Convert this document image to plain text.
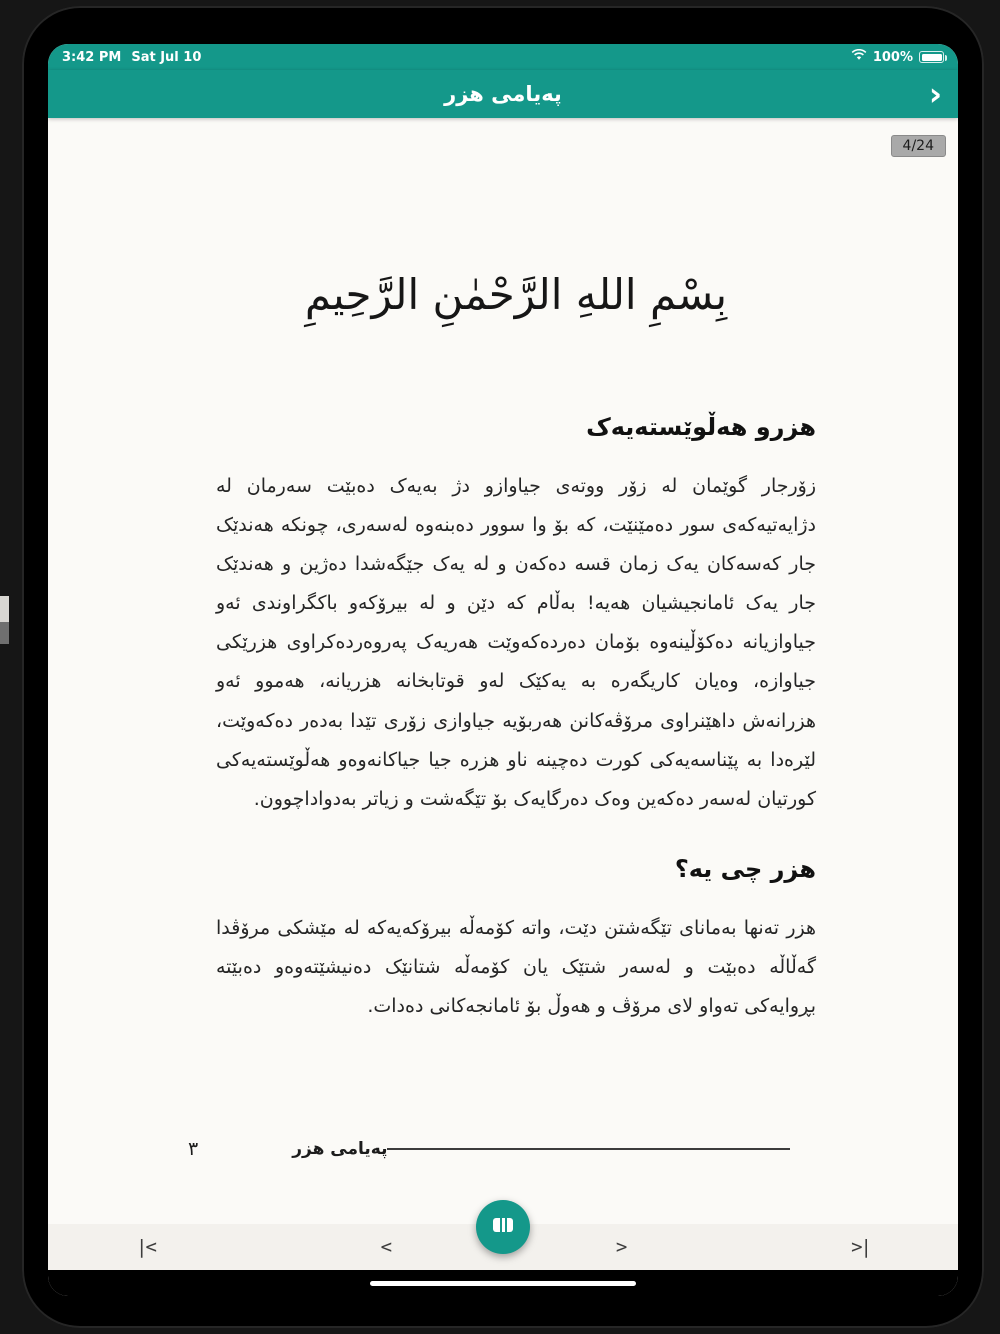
3:42 PM Sat Jul 10	100%
پەیامی هزر	›
4/24
بِسْمِ اللهِ الرَّحْمٰنِ الرَّحِيمِ
هزرو هەڵوێستەیەک

زۆرجار گوێمان لە زۆر ووتەی جیاوازو دژ بەیەک دەبێت سەرمان لە دژایەتیەکەی سور دەمێنێت، کە بۆ وا سوور دەبنەوە لەسەری، چونکە هەندێک جار کەسەکان یەک زمان قسە دەکەن و لە یەک جێگەشدا دەژین و هەندێک جار یەک ئامانجیشیان هەیە! بەڵام کە دێن و لە بیرۆکەو باکگراوندی ئەو جیاوازیانە دەکۆڵینەوە بۆمان دەردەکەوێت هەریەک پەروەردەکراوی هزرێکی جیاوازە، وەیان کاریگەرە بە یەکێک لەو قوتابخانە هزریانە، هەموو ئەو هزرانەش داهێنراوی مرۆڤەکانن هەربۆیە جیاوازی زۆری تێدا بەدەر دەکەوێت، لێرەدا بە پێناسەیەکی کورت دەچینە ناو هزرە جیا جیاکانەوەو هەڵوێستەیەکی کورتیان لەسەر دەکەین وەک دەرگایەک بۆ تێگەشت و زیاتر بەدواداچوون.

هزر چی یە؟

هزر تەنها بەمانای تێگەشتن دێت، واتە کۆمەڵە بیرۆکەیەکە لە مێشکی مرۆڤدا گەڵاڵە دەبێت و لەسەر شتێک یان کۆمەڵە شتانێک دەنیشێتەوەو دەبێتە بڕوایەکی تەواو لای مرۆڤ و هەوڵ بۆ ئامانجەکانی دەدات.

پەیامی هزر
٣
|<	<	>	>|
